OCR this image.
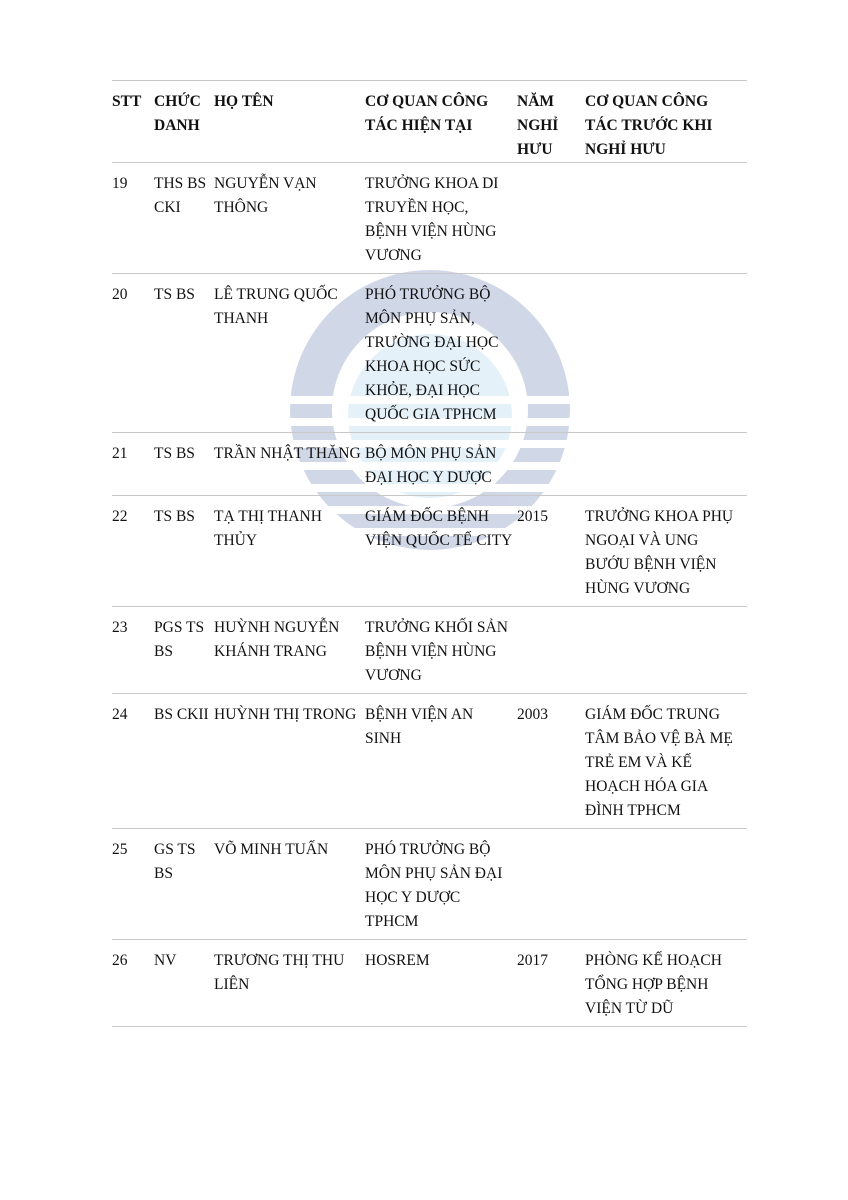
STT	CHỨC DANH	HỌ TÊN	CƠ QUAN CÔNG TÁC HIỆN TẠI	NĂM NGHỈ HƯU	CƠ QUAN CÔNG TÁC TRƯỚC KHI NGHỈ HƯU
19	THS BS CKI	NGUYỄN VẠN THÔNG	TRƯỞNG KHOA DI TRUYỀN HỌC, BỆNH VIỆN HÙNG VƯƠNG		
20	TS BS	LÊ TRUNG QUỐC THANH	PHÓ TRƯỞNG BỘ MÔN PHỤ SẢN, TRƯỜNG ĐẠI HỌC KHOA HỌC SỨC KHỎE, ĐẠI HỌC QUỐC GIA TPHCM		
21	TS BS	TRẦN NHẬT THĂNG	BỘ MÔN PHỤ SẢN ĐẠI HỌC Y DƯỢC		
22	TS BS	TẠ THỊ THANH THỦY	GIÁM ĐỐC BỆNH VIỆN QUỐC TẾ CITY	2015	TRƯỞNG KHOA PHỤ NGOẠI VÀ UNG BƯỚU BỆNH VIỆN HÙNG VƯƠNG
23	PGS TS BS	HUỲNH NGUYỄN KHÁNH TRANG	TRƯỞNG KHỐI SẢN BỆNH VIỆN HÙNG VƯƠNG		
24	BS CKII	HUỲNH THỊ TRONG	BỆNH VIỆN AN SINH	2003	GIÁM ĐỐC TRUNG TÂM BẢO VỆ BÀ MẸ TRẺ EM VÀ KẾ HOẠCH HÓA GIA ĐÌNH TPHCM
25	GS TS BS	VÕ MINH TUẤN	PHÓ TRƯỞNG BỘ MÔN PHỤ SẢN ĐẠI HỌC Y DƯỢC TPHCM		
26	NV	TRƯƠNG THỊ THU LIÊN	HOSREM	2017	PHÒNG KẾ HOẠCH TỔNG HỢP BỆNH VIỆN TỪ DŨ
